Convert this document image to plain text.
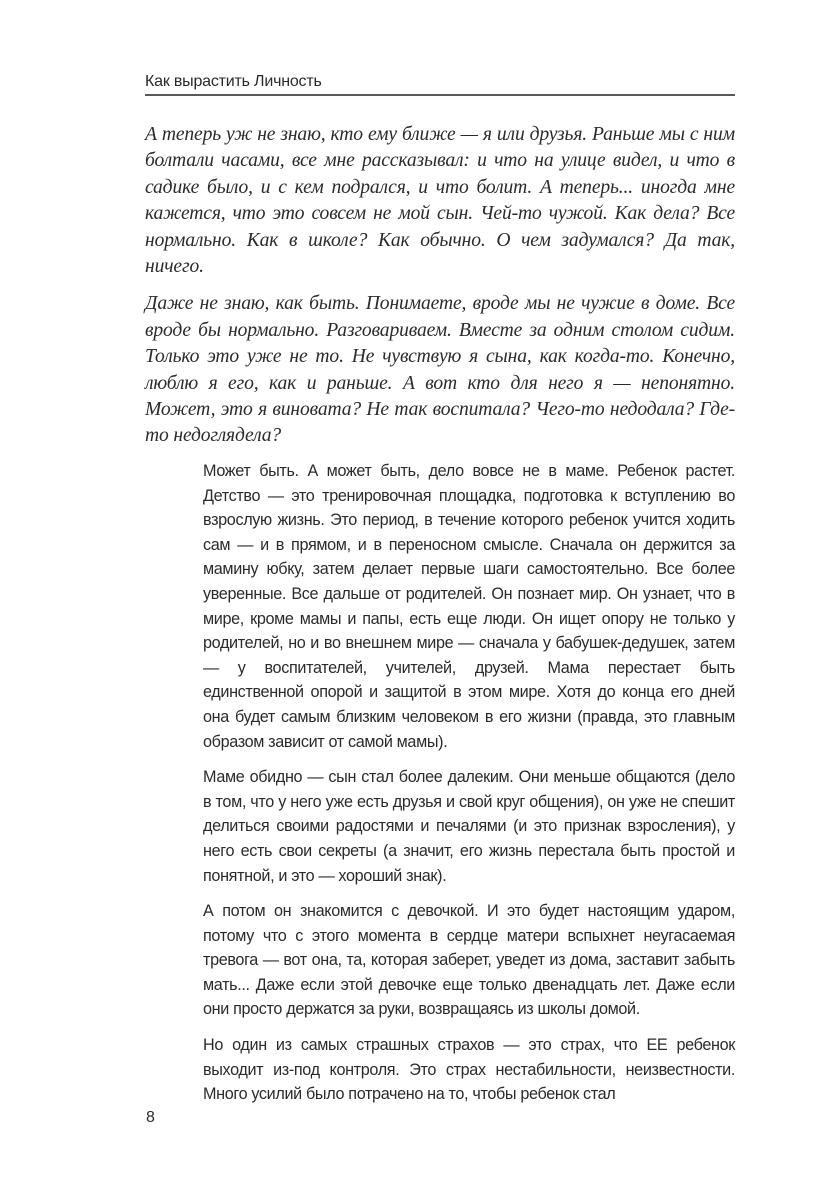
Как вырастить Личность

А теперь уж не знаю, кто ему ближе — я или друзья. Раньше мы с ним болтали часами, все мне рассказывал: и что на улице видел, и что в садике было, и с кем подрался, и что болит. А теперь... иногда мне кажется, что это совсем не мой сын. Чей-то чужой. Как дела? Все нормально. Как в школе? Как обычно. О чем задумался? Да так, ничего.

Даже не знаю, как быть. Понимаете, вроде мы не чужие в доме. Все вроде бы нормально. Разговариваем. Вместе за одним столом сидим. Только это уже не то. Не чувствую я сына, как когда-то. Конечно, люблю я его, как и раньше. А вот кто для него я — непонятно. Может, это я виновата? Не так воспитала? Чего-то недодала? Где-то недоглядела?

Может быть. А может быть, дело вовсе не в маме. Ребенок растет. Детство — это тренировочная площадка, подготовка к вступлению во взрослую жизнь. Это период, в течение которого ребенок учится ходить сам — и в прямом, и в переносном смысле. Сначала он держится за мамину юбку, затем делает первые шаги самостоятельно. Все более уверенные. Все дальше от родителей. Он познает мир. Он узнает, что в мире, кроме мамы и папы, есть еще люди. Он ищет опору не только у родителей, но и во внешнем мире — сначала у бабушек-дедушек, затем — у воспитателей, учителей, друзей. Мама перестает быть единственной опорой и защитой в этом мире. Хотя до конца его дней она будет самым близким человеком в его жизни (правда, это главным образом зависит от самой мамы).

Маме обидно — сын стал более далеким. Они меньше общаются (дело в том, что у него уже есть друзья и свой круг общения), он уже не спешит делиться своими радостями и печалями (и это признак взросления), у него есть свои секреты (а значит, его жизнь перестала быть простой и понятной, и это — хороший знак).

А потом он знакомится с девочкой. И это будет настоящим ударом, потому что с этого момента в сердце матери вспыхнет неугасаемая тревога — вот она, та, которая заберет, уведет из дома, заставит забыть мать... Даже если этой девочке еще только двенадцать лет. Даже если они просто держатся за руки, возвращаясь из школы домой.

Но один из самых страшных страхов — это страх, что ЕЕ ребенок выходит из-под контроля. Это страх нестабильности, неизвестности. Много усилий было потрачено на то, чтобы ребенок стал

8
